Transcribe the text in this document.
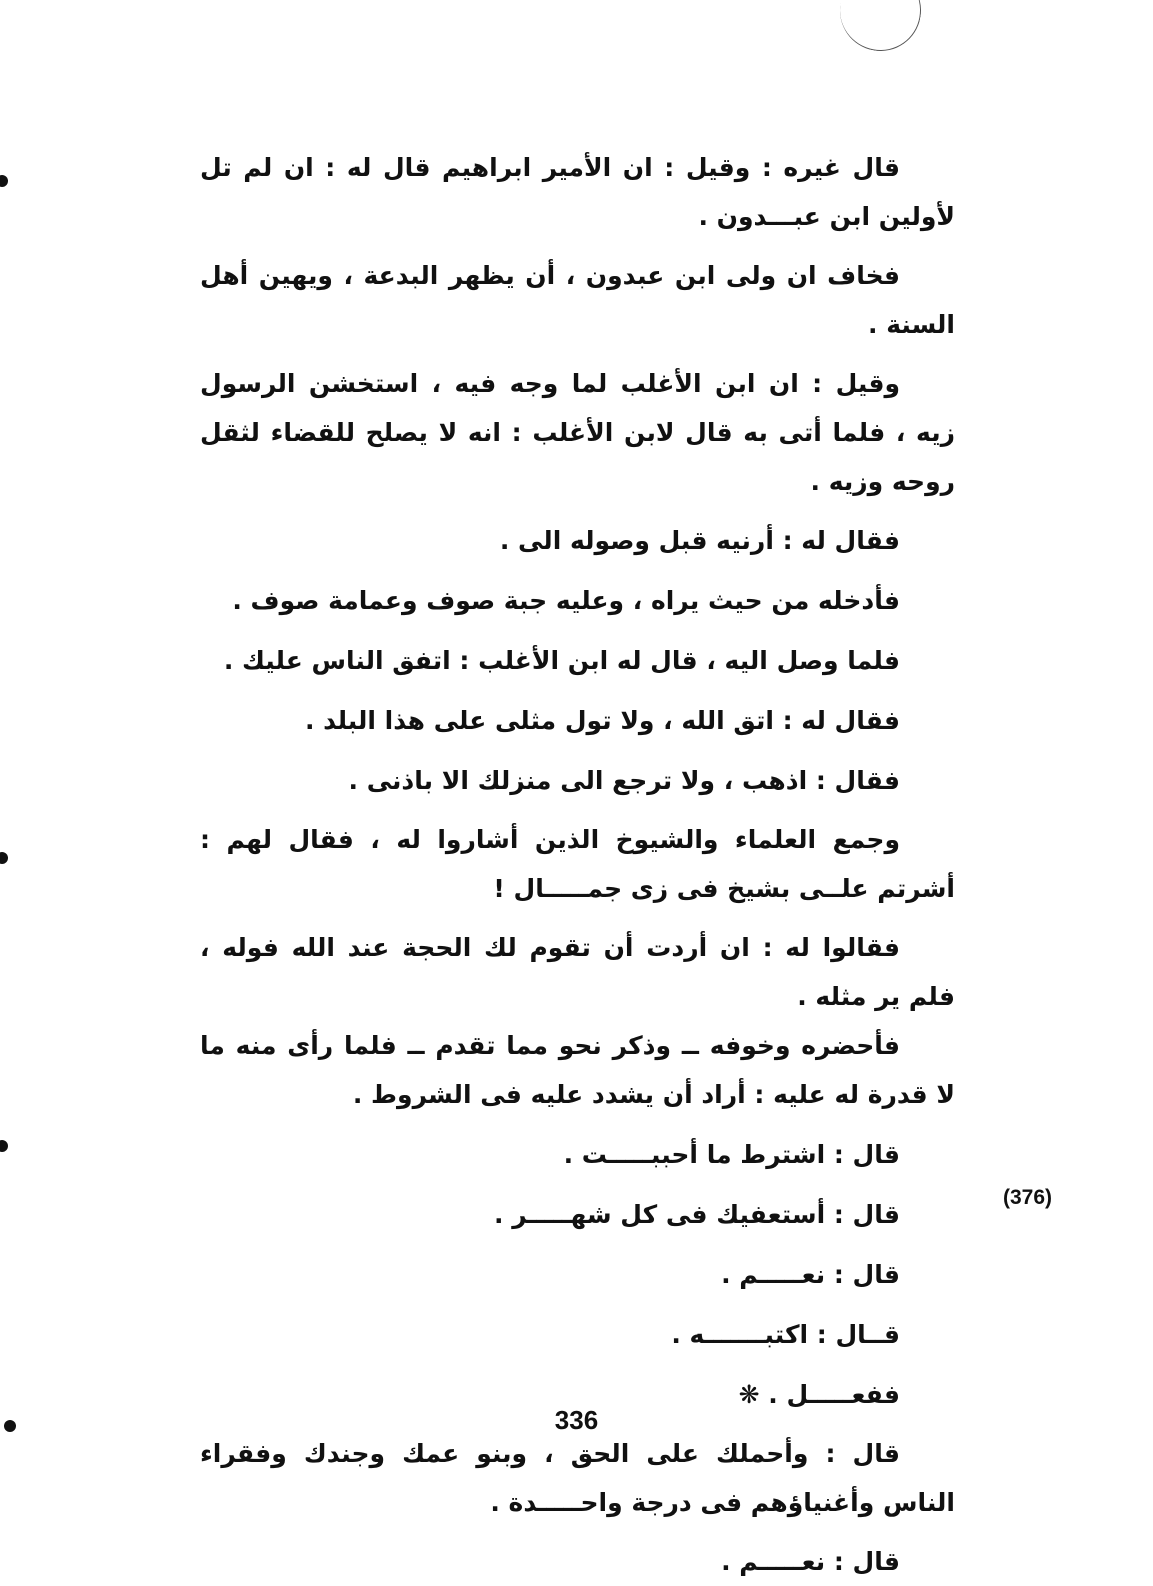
قال غيره : وقيل : ان الأمير ابراهيم قال له : ان لم تل لأولين ابن عبـــدون .

فخاف ان ولى ابن عبدون ، أن يظهر البدعة ، ويهين أهل السنة .

وقيل : ان ابن الأغلب لما وجه فيه ، استخشن الرسول زيه ، فلما أتى به قال لابن الأغلب : انه لا يصلح للقضاء لثقل روحه وزيه .

فقال له : أرنيه قبل وصوله الى .

فأدخله من حيث يراه ، وعليه جبة صوف وعمامة صوف .

فلما وصل اليه ، قال له ابن الأغلب : اتفق الناس عليك .

فقال له : اتق الله ، ولا تول مثلى على هذا البلد .

فقال : اذهب ، ولا ترجع الى منزلك الا باذنى .

وجمع العلماء والشيوخ الذين أشاروا له ، فقال لهم : أشرتم علــى بشيخ فى زى جمـــــال !

فقالوا له : ان أردت أن تقوم لك الحجة عند الله فوله ، فلم ير مثله .

فأحضره وخوفه ــ وذكر نحو مما تقدم ــ فلما رأى منه ما لا قدرة له عليه : أراد أن يشدد عليه فى الشروط .

قال : اشترط ما أحببـــــت .

قال : أستعفيك فى كل شهـــــر .

قال : نعـــــم .

قــال : اكتبـــــــه .

ففعـــــل . ❋

قال : وأحملك على الحق ، وبنو عمك وجندك وفقراء الناس وأغنياؤهم فى درجة واحـــــدة .

قال : نعـــــم .

(376)
336
